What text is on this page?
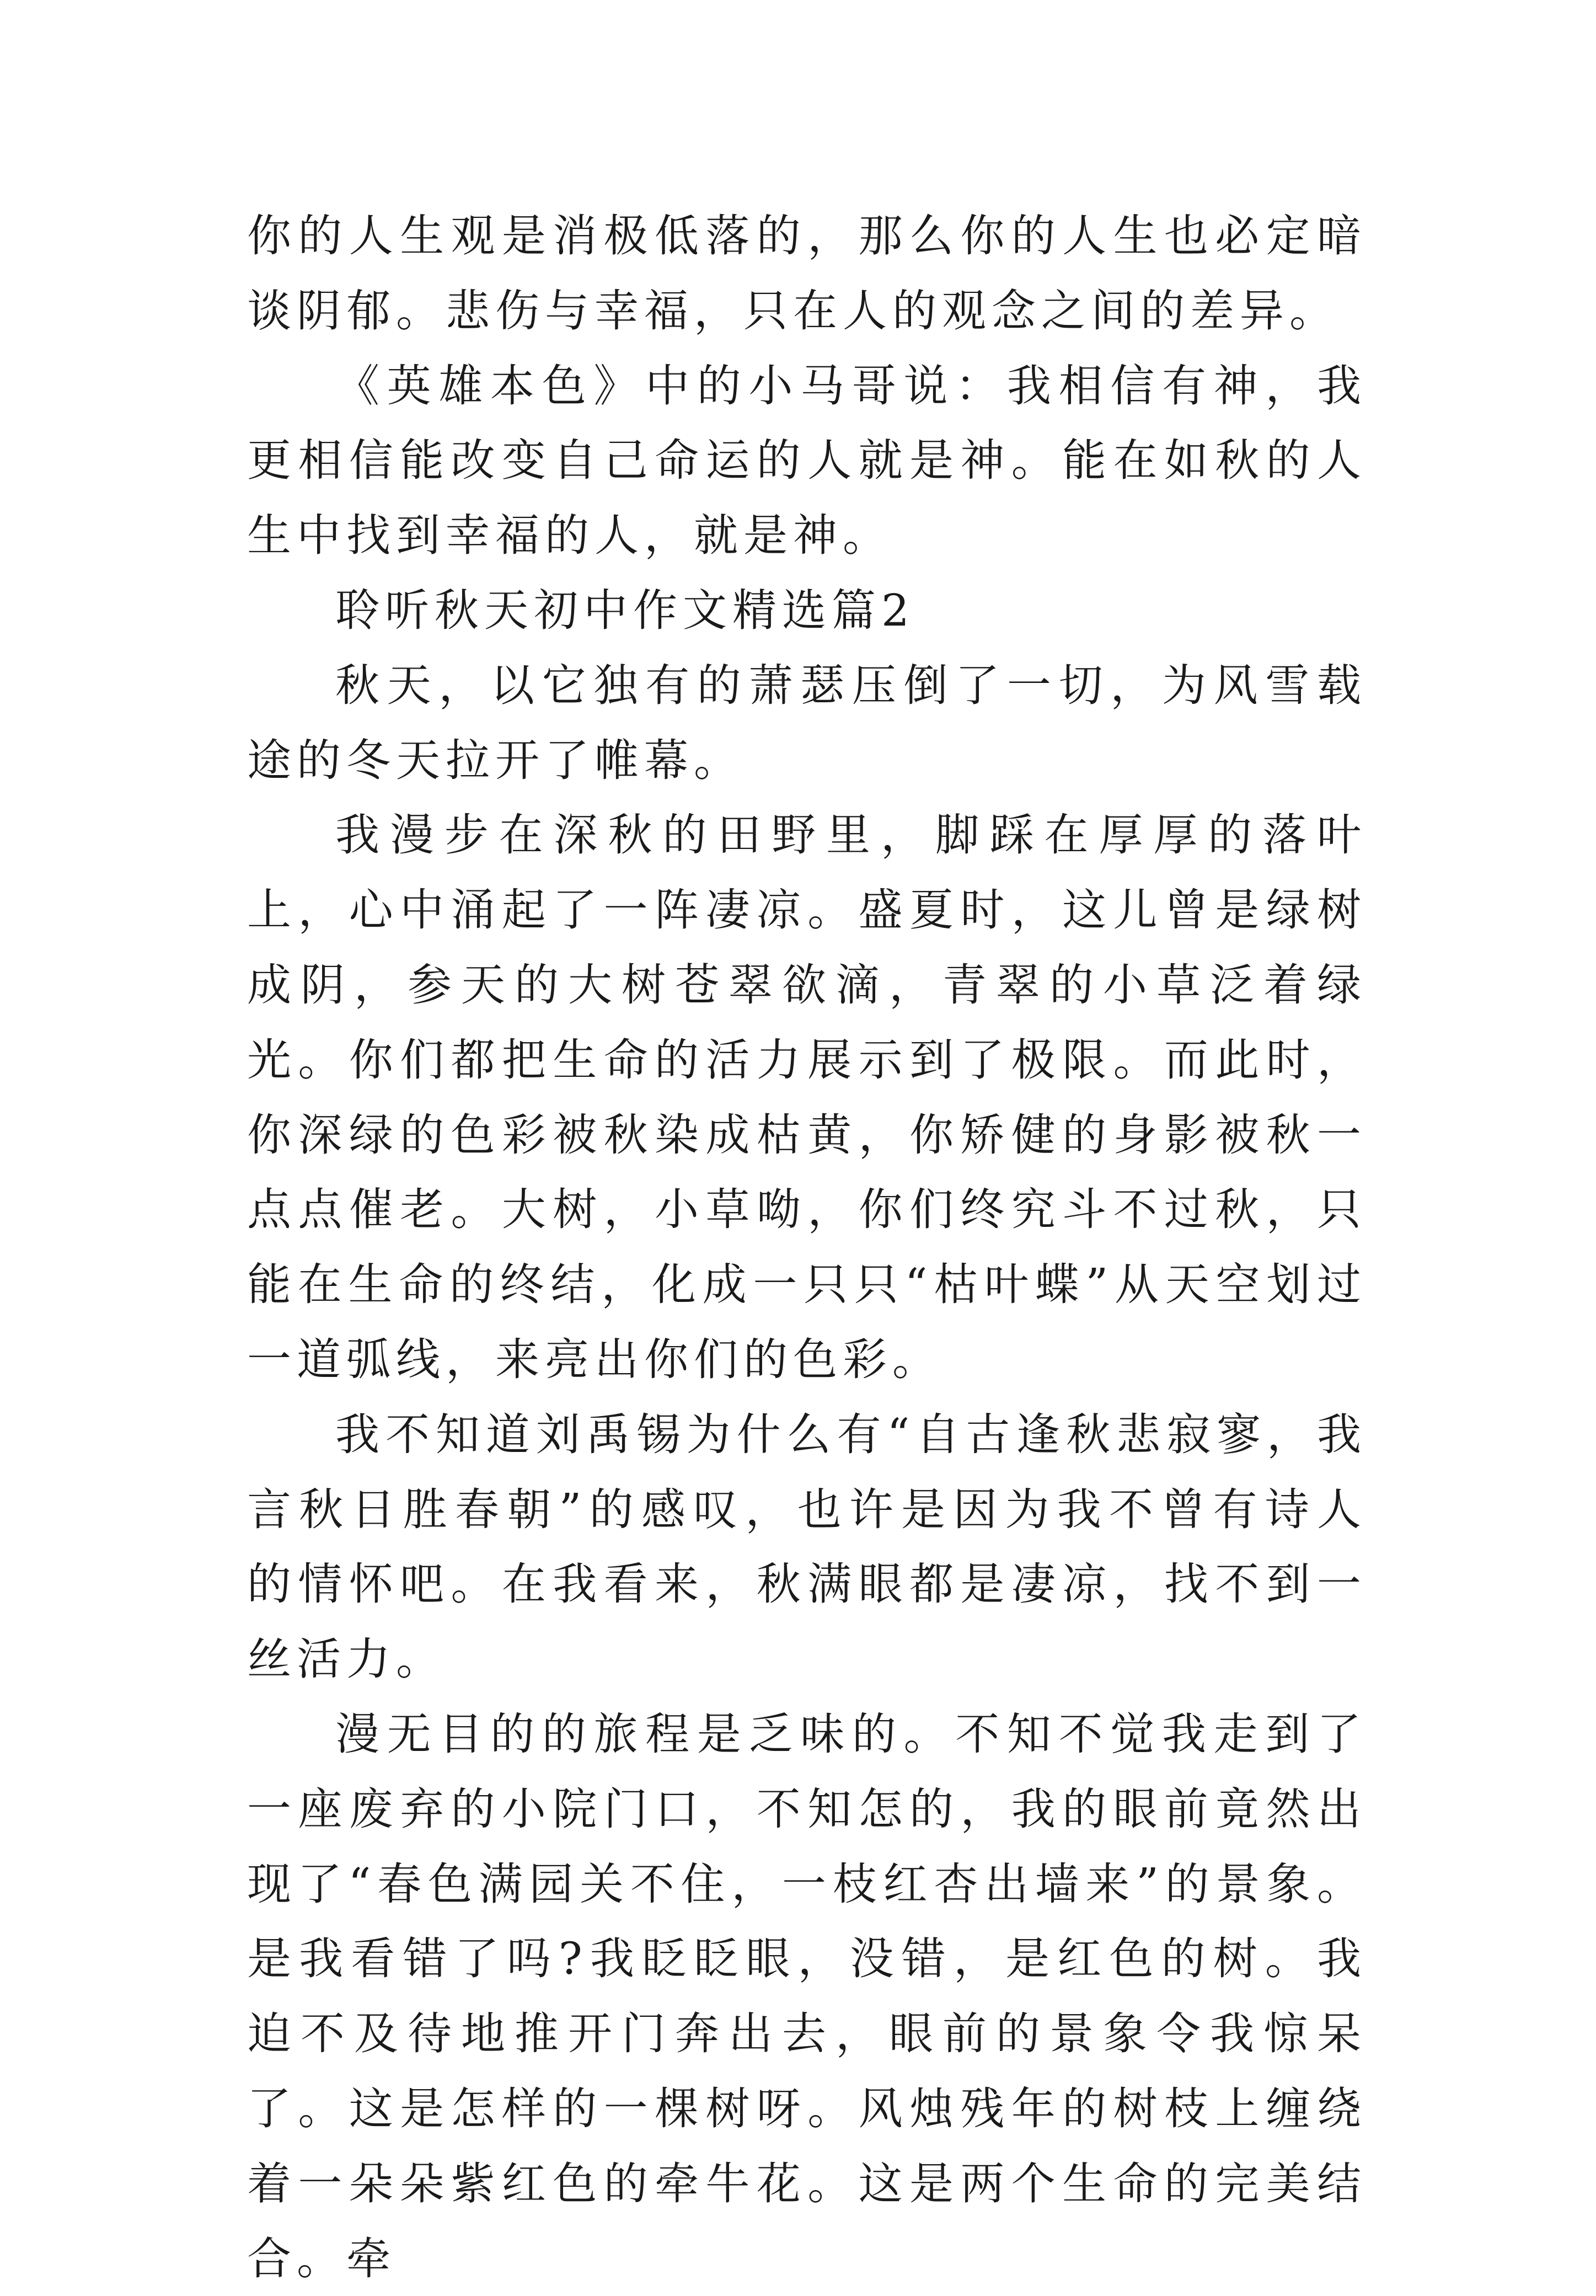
你的人生观是消极低落的，那么你的人生也必定暗谈阴郁。悲伤与幸福，只在人的观念之间的差异。

《英雄本色》中的小马哥说：我相信有神，我更相信能改变自己命运的人就是神。能在如秋的人生中找到幸福的人，就是神。

聆听秋天初中作文精选篇2

秋天，以它独有的萧瑟压倒了一切，为风雪载途的冬天拉开了帷幕。

我漫步在深秋的田野里，脚踩在厚厚的落叶上，心中涌起了一阵凄凉。盛夏时，这儿曾是绿树成阴，参天的大树苍翠欲滴，青翠的小草泛着绿光。你们都把生命的活力展示到了极限。而此时，你深绿的色彩被秋染成枯黄，你矫健的身影被秋一点点催老。大树，小草呦，你们终究斗不过秋，只能在生命的终结，化成一只只“枯叶蝶”从天空划过一道弧线，来亮出你们的色彩。

我不知道刘禹锡为什么有“自古逢秋悲寂寥，我言秋日胜春朝”的感叹，也许是因为我不曾有诗人的情怀吧。在我看来，秋满眼都是凄凉，找不到一丝活力。

漫无目的的旅程是乏味的。不知不觉我走到了一座废弃的小院门口，不知怎的，我的眼前竟然出现了“春色满园关不住，一枝红杏出墙来”的景象。是我看错了吗?我眨眨眼，没错，是红色的树。我迫不及待地推开门奔出去，眼前的景象令我惊呆了。这是怎样的一棵树呀。风烛残年的树枝上缠绕着一朵朵紫红色的牵牛花。这是两个生命的完美结合。牵
